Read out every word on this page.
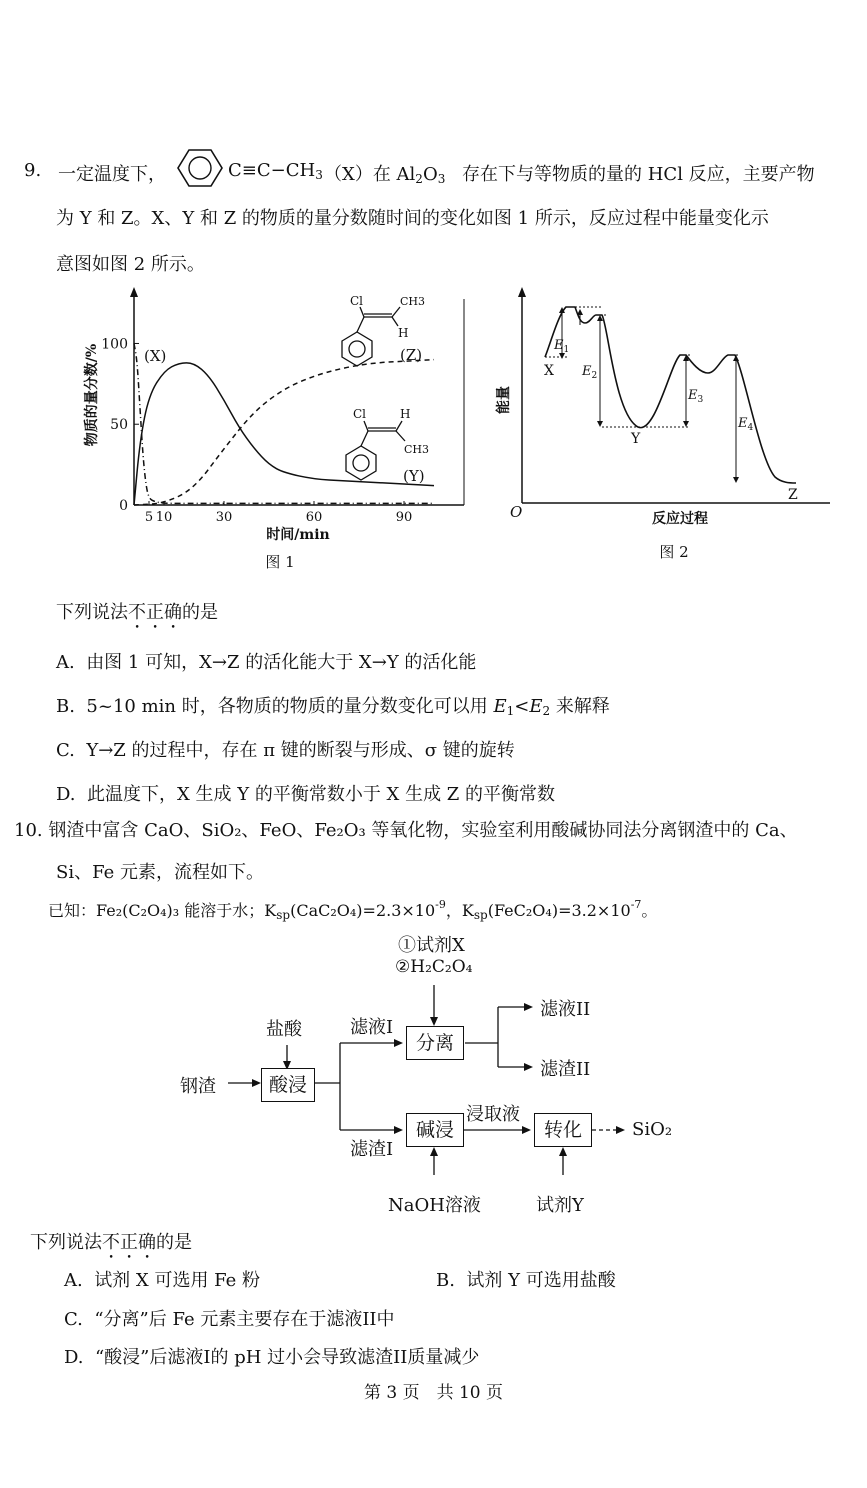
9. 一定温度下，	$C\equiv C-CH_3$ （X）在 $Al_2O_3$ 存在下与等物质的量的 HCl 反应，主要产物
为 Y 和 Z。X、Y 和 Z 的物质的量分数随时间的变化如图 1 所示，反应过程中能量变化示
意图如图 2 所示。
物质的量分数/%
0
50
100
5 10	30	60	90
(X)	(Z)
(Y)
Cl	CH3
H
Cl	H
CH3
时间/min
图 1
能量
O	反应过程
X
$E_1$
$E_2$
$E_3$
$E_4$
Y
Z
图 2
下列说法不正确的是
A. 由图 1 可知，X→Z 的活化能大于 X→Y 的活化能
B. 5~10 min 时，各物质的物质的量分数变化可以用 $E_1<E_2$ 来解释
C. Y→Z 的过程中，存在 π 键的断裂与形成、σ 键的旋转
D. 此温度下，X 生成 Y 的平衡常数小于 X 生成 Z 的平衡常数
10. 钢渣中富含 CaO、SiO₂、FeO、Fe₂O₃ 等氧化物，实验室利用酸碱协同法分离钢渣中的 Ca、
Si、Fe 元素，流程如下。
已知：Fe₂(C₂O₄)₃ 能溶于水；$K_{sp}(CaC_2O_4)=2.3\times 10^{-9}$，$K_{sp}(FeC_2O_4)=3.2\times 10^{-7}$。
①试剂X
②H₂C₂O₄
盐酸	滤液I
分离
滤液II
滤渣II
钢渣	酸浸
浸取液
碱浸	转化	SiO₂
滤渣I
NaOH溶液	试剂Y
下列说法不正确的是
A. 试剂 X 可选用 Fe 粉	B. 试剂 Y 可选用盐酸
C. “分离”后 Fe 元素主要存在于滤液II中
D. “酸浸”后滤液I的 pH 过小会导致滤渣II质量减少
第 3 页　共 10 页
